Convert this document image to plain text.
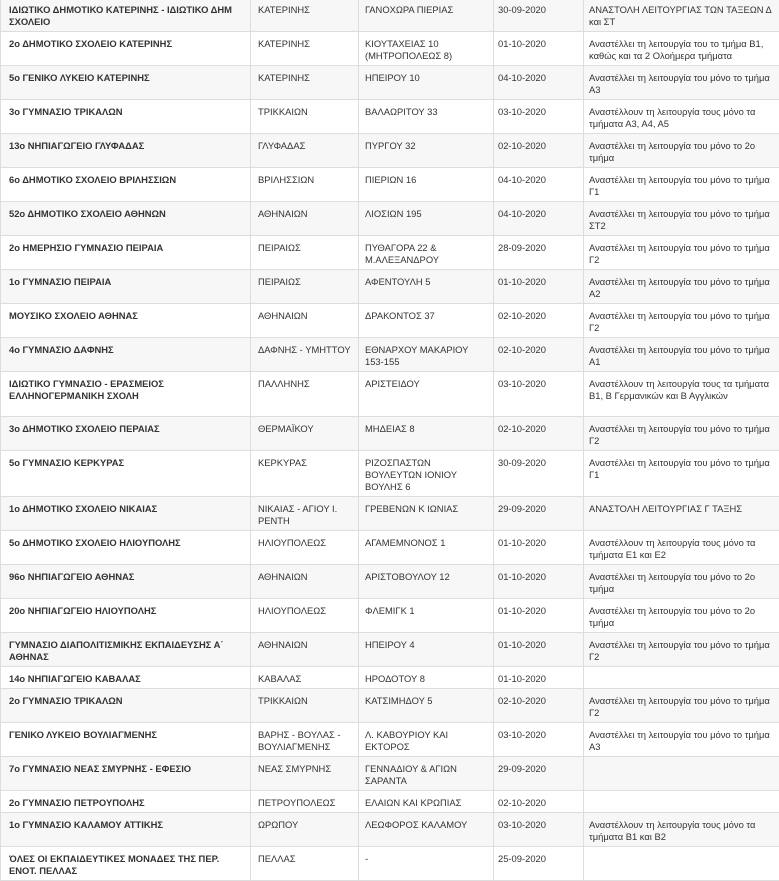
ΙΔΙΩΤΙΚΟ ΔΗΜΟΤΙΚΟ ΚΑΤΕΡΙΝΗΣ - ΙΔΙΩΤΙΚΟ ΔΗΜ ΣΧΟΛΕΙΟ	ΚΑΤΕΡΙΝΗΣ	ΓΑΝΟΧΩΡΑ ΠΙΕΡΙΑΣ	30-09-2020	ΑΝΑΣΤΟΛΗ ΛΕΙΤΟΥΡΓΙΑΣ ΤΩΝ ΤΑΞΕΩΝ Δ και ΣΤ
2ο ΔΗΜΟΤΙΚΟ ΣΧΟΛΕΙΟ ΚΑΤΕΡΙΝΗΣ	ΚΑΤΕΡΙΝΗΣ	ΚΙΟΥΤΑΧΕΙΑΣ 10 (ΜΗΤΡΟΠΟΛΕΩΣ 8)	01-10-2020	Αναστέλλει τη λειτουργία του το τμήμα Β1, καθώς και τα 2 Ολοήμερα τμήματα
5ο ΓΕΝΙΚΟ ΛΥΚΕΙΟ ΚΑΤΕΡΙΝΗΣ	ΚΑΤΕΡΙΝΗΣ	ΗΠΕΙΡΟΥ 10	04-10-2020	Αναστέλλει τη λειτουργία του μόνο το τμήμα Α3
3ο ΓΥΜΝΑΣΙΟ ΤΡΙΚΑΛΩΝ	ΤΡΙΚΚΑΙΩΝ	ΒΑΛΑΩΡΙΤΟΥ 33	03-10-2020	Αναστέλλουν τη λειτουργία τους μόνο τα τμήματα Α3, Α4, Α5
13ο ΝΗΠΙΑΓΩΓΕΙΟ ΓΛΥΦΑΔΑΣ	ΓΛΥΦΑΔΑΣ	ΠΥΡΓΟΥ 32	02-10-2020	Αναστέλλει τη λειτουργία του μόνο το 2ο τμήμα
6ο ΔΗΜΟΤΙΚΟ ΣΧΟΛΕΙΟ ΒΡΙΛΗΣΣΙΩΝ	ΒΡΙΛΗΣΣΙΩΝ	ΠΙΕΡΙΩΝ 16	04-10-2020	Αναστέλλει τη λειτουργία του μόνο το τμήμα Γ1
52ο ΔΗΜΟΤΙΚΟ ΣΧΟΛΕΙΟ ΑΘΗΝΩΝ	ΑΘΗΝΑΙΩΝ	ΛΙΟΣΙΩΝ 195	04-10-2020	Αναστέλλει τη λειτουργία του μόνο το τμήμα ΣΤ2
2ο ΗΜΕΡΗΣΙΟ ΓΥΜΝΑΣΙΟ ΠΕΙΡΑΙΑ	ΠΕΙΡΑΙΩΣ	ΠΥΘΑΓΟΡΑ 22 & Μ.ΑΛΕΞΑΝΔΡΟΥ	28-09-2020	Αναστέλλει τη λειτουργία του μόνο το τμήμα Γ2
1ο ΓΥΜΝΑΣΙΟ ΠΕΙΡΑΙΑ	ΠΕΙΡΑΙΩΣ	ΑΦΕΝΤΟΥΛΗ 5	01-10-2020	Αναστέλλει τη λειτουργία του μόνο το τμήμα Α2
ΜΟΥΣΙΚΟ ΣΧΟΛΕΙΟ ΑΘΗΝΑΣ	ΑΘΗΝΑΙΩΝ	ΔΡΑΚΟΝΤΟΣ 37	02-10-2020	Αναστέλλει τη λειτουργία του μόνο το τμήμα Γ2
4ο ΓΥΜΝΑΣΙΟ ΔΑΦΝΗΣ	ΔΑΦΝΗΣ - ΥΜΗΤΤΟΥ	ΕΘΝΑΡΧΟΥ ΜΑΚΑΡΙΟΥ 153-155	02-10-2020	Αναστέλλει τη λειτουργία του μόνο το τμήμα Α1
ΙΔΙΩΤΙΚΟ ΓΥΜΝΑΣΙΟ - ΕΡΑΣΜΕΙΟΣ ΕΛΛΗΝΟΓΕΡΜΑΝΙΚΗ ΣΧΟΛΗ	ΠΑΛΛΗΝΗΣ	ΑΡΙΣΤΕΙΔΟΥ	03-10-2020	Αναστέλλουν τη λειτουργία τους τα τμήματα Β1, Β Γερμανικών και Β Αγγλικών
3ο ΔΗΜΟΤΙΚΟ ΣΧΟΛΕΙΟ ΠΕΡΑΙΑΣ	ΘΕΡΜΑΪΚΟΥ	ΜΗΔΕΙΑΣ 8	02-10-2020	Αναστέλλει τη λειτουργία του μόνο το τμήμα Γ2
5ο ΓΥΜΝΑΣΙΟ ΚΕΡΚΥΡΑΣ	ΚΕΡΚΥΡΑΣ	ΡΙΖΟΣΠΑΣΤΩΝ ΒΟΥΛΕΥΤΩΝ ΙΟΝΙΟΥ ΒΟΥΛΗΣ 6	30-09-2020	Αναστέλλει τη λειτουργία του μόνο το τμήμα Γ1
1ο ΔΗΜΟΤΙΚΟ ΣΧΟΛΕΙΟ ΝΙΚΑΙΑΣ	ΝΙΚΑΙΑΣ - ΑΓΙΟΥ Ι. ΡΕΝΤΗ	ΓΡΕΒΕΝΩΝ Κ ΙΩΝΙΑΣ	29-09-2020	ΑΝΑΣΤΟΛΗ ΛΕΙΤΟΥΡΓΙΑΣ Γ ΤΑΞΗΣ
5ο ΔΗΜΟΤΙΚΟ ΣΧΟΛΕΙΟ ΗΛΙΟΥΠΟΛΗΣ	ΗΛΙΟΥΠΟΛΕΩΣ	ΑΓΑΜΕΜΝΟΝΟΣ 1	01-10-2020	Αναστέλλουν τη λειτουργία τους μόνο τα τμήματα Ε1 και Ε2
96ο ΝΗΠΙΑΓΩΓΕΙΟ ΑΘΗΝΑΣ	ΑΘΗΝΑΙΩΝ	ΑΡΙΣΤΟΒΟΥΛΟΥ 12	01-10-2020	Αναστέλλει τη λειτουργία του μόνο το 2ο τμήμα
20ο ΝΗΠΙΑΓΩΓΕΙΟ ΗΛΙΟΥΠΟΛΗΣ	ΗΛΙΟΥΠΟΛΕΩΣ	ΦΛΕΜΙΓΚ 1	01-10-2020	Αναστέλλει τη λειτουργία του μόνο το 2ο τμήμα
ΓΥΜΝΑΣΙΟ ΔΙΑΠΟΛΙΤΙΣΜΙΚΗΣ ΕΚΠΑΙΔΕΥΣΗΣ Α΄ ΑΘΗΝΑΣ	ΑΘΗΝΑΙΩΝ	ΗΠΕΙΡΟΥ 4	01-10-2020	Αναστέλλει τη λειτουργία του μόνο το τμήμα Γ2
14ο ΝΗΠΙΑΓΩΓΕΙΟ ΚΑΒΑΛΑΣ	ΚΑΒΑΛΑΣ	ΗΡΟΔΟΤΟΥ 8	01-10-2020	
2ο ΓΥΜΝΑΣΙΟ ΤΡΙΚΑΛΩΝ	ΤΡΙΚΚΑΙΩΝ	ΚΑΤΣΙΜΗΔΟΥ 5	02-10-2020	Αναστέλλει τη λειτουργία του μόνο το τμήμα Γ2
ΓΕΝΙΚΟ ΛΥΚΕΙΟ ΒΟΥΛΙΑΓΜΕΝΗΣ	ΒΑΡΗΣ - ΒΟΥΛΑΣ - ΒΟΥΛΙΑΓΜΕΝΗΣ	Λ. ΚΑΒΟΥΡΙΟΥ ΚΑΙ ΕΚΤΟΡΟΣ	03-10-2020	Αναστέλλει τη λειτουργία του μόνο το τμήμα Α3
7ο ΓΥΜΝΑΣΙΟ ΝΕΑΣ ΣΜΥΡΝΗΣ - ΕΦΕΣΙΟ	ΝΕΑΣ ΣΜΥΡΝΗΣ	ΓΕΝΝΑΔΙΟΥ & ΑΓΙΩΝ ΣΑΡΑΝΤΑ	29-09-2020	
2ο ΓΥΜΝΑΣΙΟ ΠΕΤΡΟΥΠΟΛΗΣ	ΠΕΤΡΟΥΠΟΛΕΩΣ	ΕΛΑΙΩΝ ΚΑΙ ΚΡΩΠΙΑΣ	02-10-2020	
1ο ΓΥΜΝΑΣΙΟ ΚΑΛΑΜΟΥ ΑΤΤΙΚΗΣ	ΩΡΩΠΟΥ	ΛΕΩΦΟΡΟΣ ΚΑΛΑΜΟΥ	03-10-2020	Αναστέλλουν τη λειτουργία τους μόνο τα τμήματα Β1 και Β2
ΌΛΕΣ ΟΙ ΕΚΠΑΙΔΕΥΤΙΚΕΣ ΜΟΝΑΔΕΣ ΤΗΣ ΠΕΡ. ΕΝΟΤ. ΠΕΛΛΑΣ	ΠΕΛΛΑΣ	-	25-09-2020	
